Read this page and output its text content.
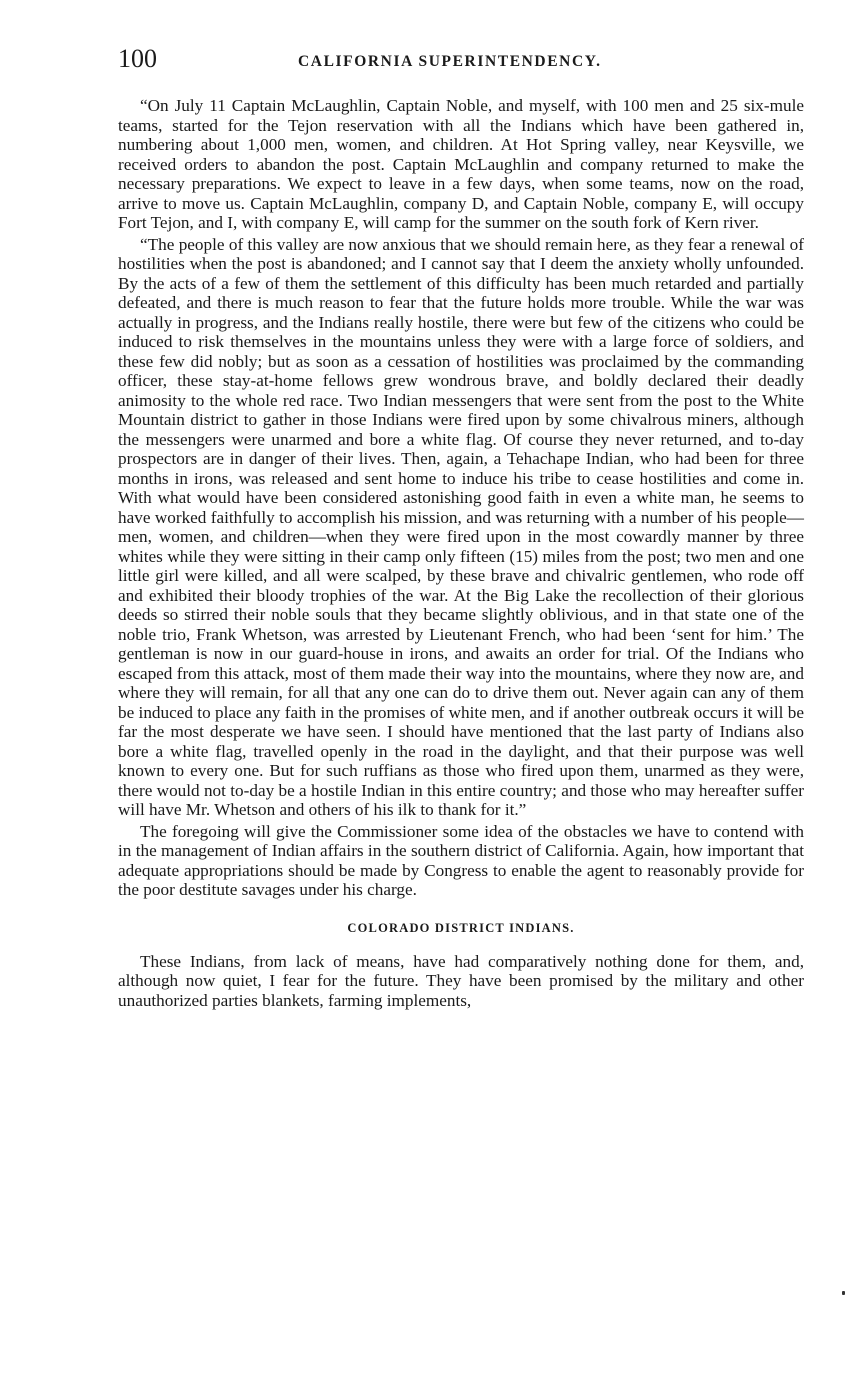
100	CALIFORNIA SUPERINTENDENCY.

“On July 11 Captain McLaughlin, Captain Noble, and myself, with 100 men and 25 six-mule teams, started for the Tejon reservation with all the Indians which have been gathered in, numbering about 1,000 men, women, and children. At Hot Spring valley, near Keysville, we received orders to abandon the post. Captain McLaughlin and company returned to make the necessary preparations. We expect to leave in a few days, when some teams, now on the road, arrive to move us. Captain McLaughlin, company D, and Captain Noble, company E, will occupy Fort Tejon, and I, with company E, will camp for the summer on the south fork of Kern river.

“The people of this valley are now anxious that we should remain here, as they fear a renewal of hostilities when the post is abandoned; and I cannot say that I deem the anxiety wholly unfounded. By the acts of a few of them the settlement of this difficulty has been much retarded and partially defeated, and there is much reason to fear that the future holds more trouble. While the war was actually in progress, and the Indians really hostile, there were but few of the citizens who could be induced to risk themselves in the mountains unless they were with a large force of soldiers, and these few did nobly; but as soon as a cessation of hostilities was proclaimed by the commanding officer, these stay-at-home fellows grew wondrous brave, and boldly declared their deadly animosity to the whole red race. Two Indian messengers that were sent from the post to the White Mountain district to gather in those Indians were fired upon by some chivalrous miners, although the messengers were unarmed and bore a white flag. Of course they never returned, and to-day prospectors are in danger of their lives. Then, again, a Tehachape Indian, who had been for three months in irons, was released and sent home to induce his tribe to cease hostilities and come in. With what would have been considered astonishing good faith in even a white man, he seems to have worked faithfully to accomplish his mission, and was returning with a number of his people—men, women, and children—when they were fired upon in the most cowardly manner by three whites while they were sitting in their camp only fifteen (15) miles from the post; two men and one little girl were killed, and all were scalped, by these brave and chivalric gentlemen, who rode off and exhibited their bloody trophies of the war. At the Big Lake the recollection of their glorious deeds so stirred their noble souls that they became slightly oblivious, and in that state one of the noble trio, Frank Whetson, was arrested by Lieutenant French, who had been ‘sent for him.’ The gentleman is now in our guard-house in irons, and awaits an order for trial. Of the Indians who escaped from this attack, most of them made their way into the mountains, where they now are, and where they will remain, for all that any one can do to drive them out. Never again can any of them be induced to place any faith in the promises of white men, and if another outbreak occurs it will be far the most desperate we have seen. I should have mentioned that the last party of Indians also bore a white flag, travelled openly in the road in the daylight, and that their purpose was well known to every one. But for such ruffians as those who fired upon them, unarmed as they were, there would not to-day be a hostile Indian in this entire country; and those who may hereafter suffer will have Mr. Whetson and others of his ilk to thank for it.”

The foregoing will give the Commissioner some idea of the obstacles we have to contend with in the management of Indian affairs in the southern district of California. Again, how important that adequate appropriations should be made by Congress to enable the agent to reasonably provide for the poor destitute savages under his charge.

COLORADO DISTRICT INDIANS.

These Indians, from lack of means, have had comparatively nothing done for them, and, although now quiet, I fear for the future. They have been promised by the military and other unauthorized parties blankets, farming implements,
